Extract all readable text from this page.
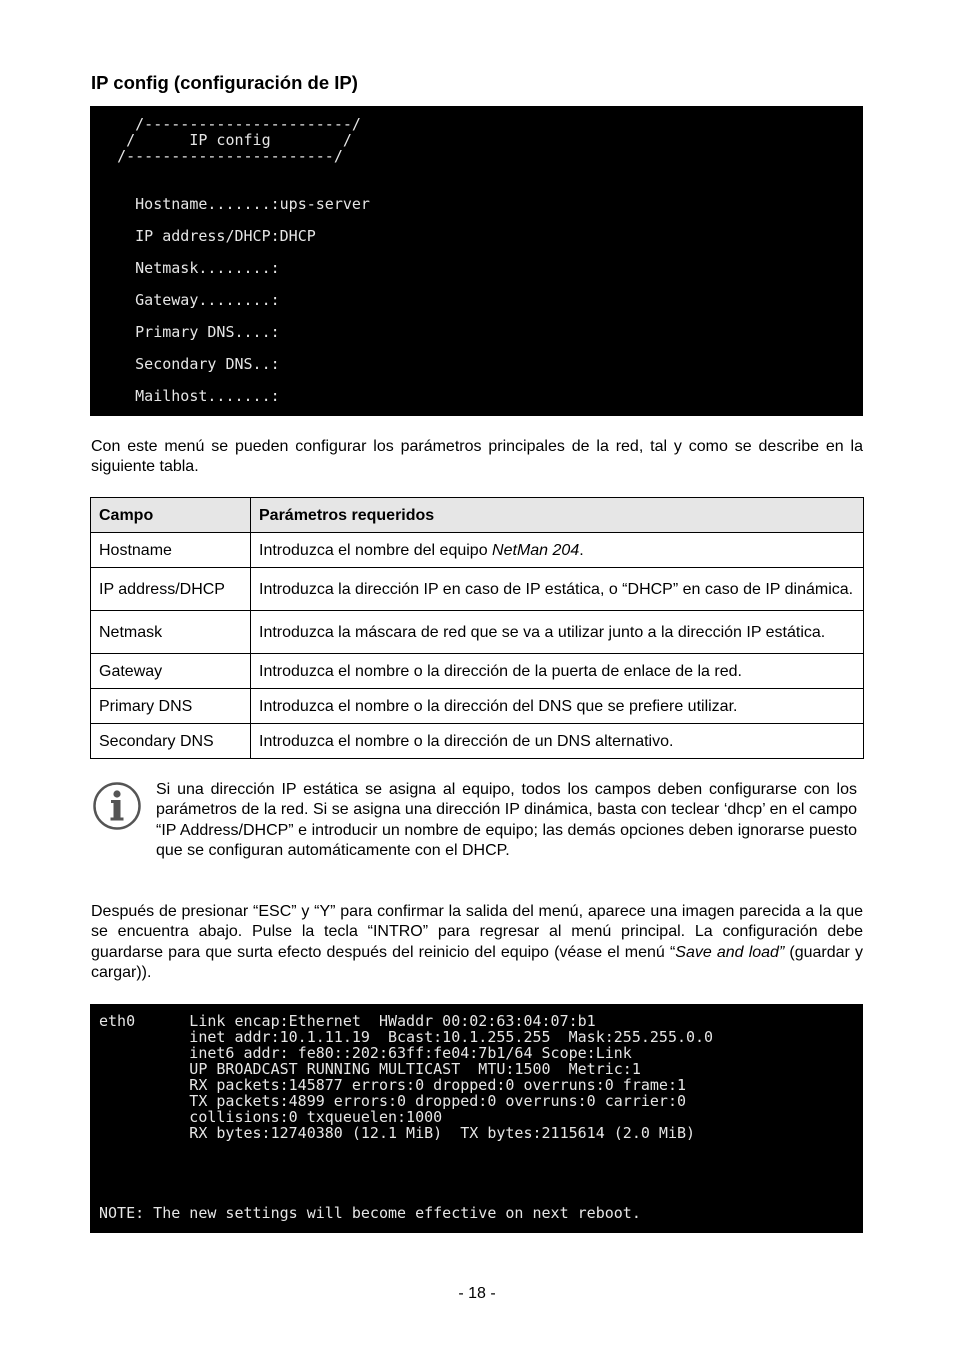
IP config (configuración de IP)

/-----------------------/

/      IP config        /

/-----------------------/

Hostname.......:ups-server

IP address/DHCP:DHCP

Netmask........:

Gateway........:

Primary DNS....:

Secondary DNS..:

Mailhost.......:

Con este menú se pueden configurar los parámetros principales de la red, tal y como se describe en la siguiente tabla.

Campo	Parámetros requeridos
Hostname	Introduzca el nombre del equipo NetMan 204.
IP address/DHCP	Introduzca la dirección IP en caso de IP estática, o “DHCP” en caso de IP dinámica.
Netmask	Introduzca la máscara de red que se va a utilizar junto a la dirección IP estática.
Gateway	Introduzca el nombre o la dirección de la puerta de enlace de la red.
Primary DNS	Introduzca el nombre o la dirección del DNS que se prefiere utilizar.
Secondary DNS	Introduzca el nombre o la dirección de un DNS alternativo.

Si una dirección IP estática se asigna al equipo, todos los campos deben configurarse con los parámetros de la red. Si se asigna una dirección IP dinámica, basta con teclear ‘dhcp’ en el campo “IP Address/DHCP” e introducir un nombre de equipo; las demás opciones deben ignorarse puesto que se configuran automáticamente con el DHCP.

Después de presionar “ESC” y “Y” para confirmar la salida del menú, aparece una imagen parecida a la que se encuentra abajo. Pulse la tecla “INTRO” para regresar al menú principal. La configuración debe guardarse para que surta efecto después del reinicio del equipo (véase el menú “Save and load” (guardar y cargar)).

eth0      Link encap:Ethernet  HWaddr 00:02:63:04:07:b1

inet addr:10.1.11.19  Bcast:10.1.255.255  Mask:255.255.0.0

inet6 addr: fe80::202:63ff:fe04:7b1/64 Scope:Link

UP BROADCAST RUNNING MULTICAST  MTU:1500  Metric:1

RX packets:145877 errors:0 dropped:0 overruns:0 frame:1

TX packets:4899 errors:0 dropped:0 overruns:0 carrier:0

collisions:0 txqueuelen:1000

RX bytes:12740380 (12.1 MiB)  TX bytes:2115614 (2.0 MiB)

NOTE: The new settings will become effective on next reboot.

- 18 -
